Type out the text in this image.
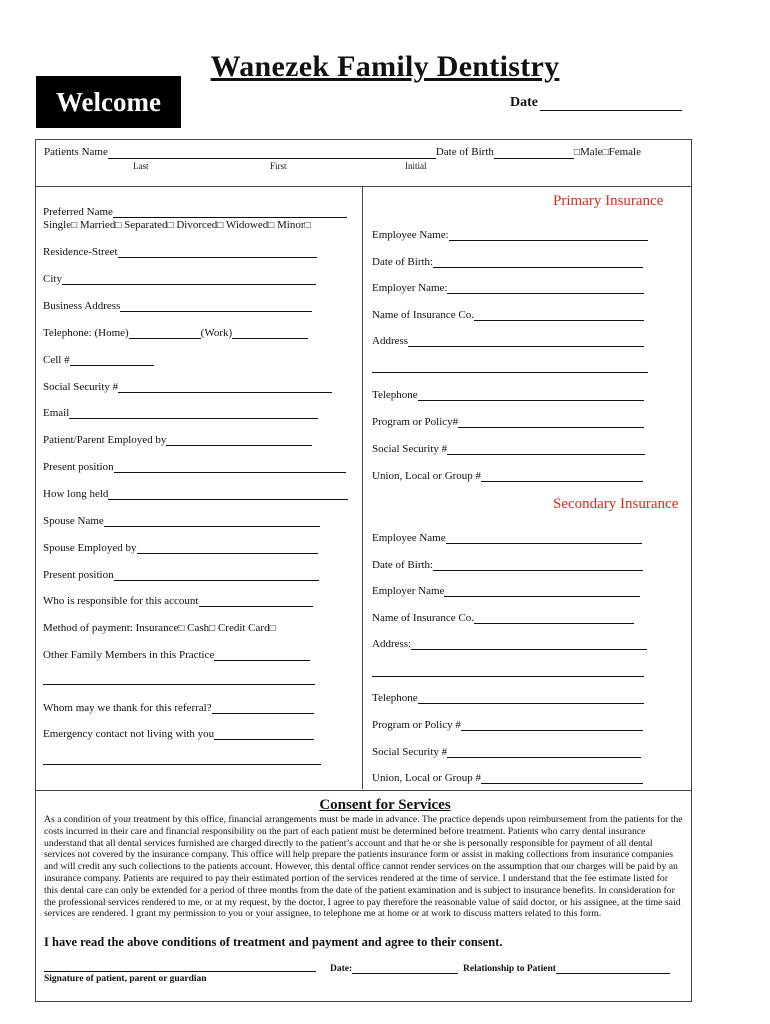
Wanezek Family Dentistry
Welcome	Date
Patients Name	Date of Birth	□Male□Female
Last	First	Initial
Preferred Name
Single□ Married□ Separated□ Divorced□ Widowed□ Minor□
Residence-Street
City
Business Address
Telephone: (Home)	(Work)
Cell #
Social Security #
Email
Patient/Parent Employed by
Present position
How long held
Spouse Name
Spouse Employed by
Present position
Who is responsible for this account
Method of payment: Insurance□ Cash□ Credit Card□
Other Family Members in this Practice
Whom may we thank for this referral?
Emergency contact not living with you
Primary Insurance
Employee Name:
Date of Birth:
Employer Name:
Name of Insurance Co.
Address
Telephone
Program or Policy#
Social Security #
Union, Local or Group #
Secondary Insurance
Employee Name
Date of Birth:
Employer Name
Name of Insurance Co.
Address:
Telephone
Program or Policy #
Social Security #
Union, Local or Group #
Consent for Services
As a condition of your treatment by this office, financial arrangements must be made in advance. The practice depends upon reimbursement from the patients for the costs incurred in their care and financial responsibility on the part of each patient must be determined before treatment. Patients who carry dental insurance understand that all dental services furnished are charged directly to the patient’s account and that he or she is personally responsible for payment of all dental services not covered by the insurance company. This office will help prepare the patients insurance form or assist in making collections from insurance companies and will credit any such collections to the patients account. However, this dental office cannot render services on the assumption that our charges will be paid by an insurance company. Patients are required to pay their estimated portion of the services rendered at the time of service. I understand that the fee estimate listed for this dental care can only be extended for a period of three months from the date of the patient examination and is subject to insurance benefits. In consideration for the professional services rendered to me, or at my request, by the doctor, I agree to pay therefore the reasonable value of said doctor, or his assignee, at the time said services are rendered. I grant my permission to you or your assignee, to telephone me at home or at work to discuss matters related to this form.
I have read the above conditions of treatment and payment and agree to their consent.
Date:	Relationship to Patient
Signature of patient, parent or guardian
